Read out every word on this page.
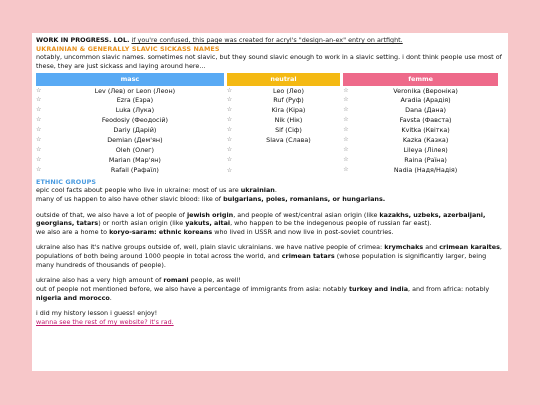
WORK IN PROGRESS. LOL. if you're confused, this page was created for acryl's "design-an-ex" entry on artfight.

UKRAINIAN & GENERALLY SLAVIC SICKASS NAMES

notably, uncommon slavic names. sometimes not slavic, but they sound slavic enough to work in a slavic setting. i dont think people use most of these, they are just sickass and laying around here...

masc	neutral	femme

☆ Lev (Лев) or Leon (Леон)	☆ Leo (Лео)	☆ Veronika (Вероніка)

☆ Ezra (Езра)	☆ Ruf (Руф)	☆ Aradia (Арадія)

☆ Luka (Лука)	☆ Kira (Кіра)	☆ Dana (Дана)

☆ Feodosiy (Феодосій)	☆ Nik (Нік)	☆ Favsta (Фавста)

☆ Dariy (Дарій)	☆ Sif (Сіф)	☆ Kvitka (Квітка)

☆ Demian (Дем'ян)	☆ Slava (Слава)	☆ Kazka (Казка)

☆ Oleh (Олег)	☆	☆ Lileya (Лілея)

☆ Marian (Мар'ян)	☆	☆ Raina (Раїна)

☆ Rafail (Рафаїл)	☆	☆ Nadia (Надя/Надія)

ETHNIC GROUPS

epic cool facts about people who live in ukraine: most of us are ukrainian.

many of us happen to also have other slavic blood: like of bulgarians, poles, romanians, or hungarians.

outside of that, we also have a lot of people of jewish origin, and people of west/central asian origin (like kazakhs, uzbeks, azerbaijani, georgians, tatars) or north asian origin (like yakuts, altai, who happen to be the indegenous people of russian far east).

we also are a home to koryo-saram: ethnic koreans who lived in USSR and now live in post-soviet countries.

ukraine also has it's native groups outside of, well, plain slavic ukrainians. we have native people of crimea: krymchaks and crimean karaites, populations of both being around 1000 people in total across the world, and crimean tatars (whose population is significantly larger, being many hundreds of thousands of people).

ukraine also has a very high amount of romani people, as well!

out of people not mentioned before, we also have a percentage of immigrants from asia: notably turkey and india, and from africa: notably nigeria and morocco.

i did my history lesson i guess! enjoy!

wanna see the rest of my website? it's rad.
